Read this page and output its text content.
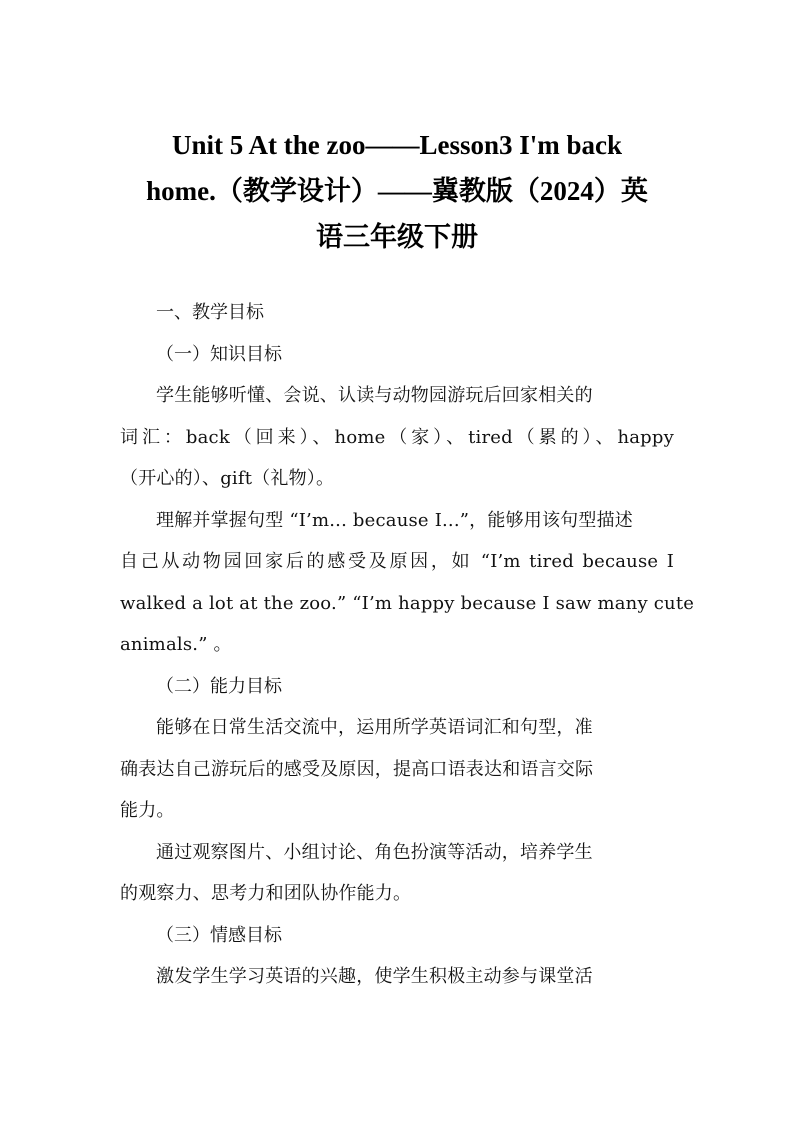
Unit 5 At the zoo——Lesson3 I'm back
home.（教学设计）——冀教版（2024）英
语三年级下册
一、教学目标
（一）知识目标
学生能够听懂、会说、认读与动物园游玩后回家相关的
词汇：back（回来）、home（家）、tired（累的）、happy
（开心的）、gift（礼物）。
理解并掌握句型 “I’m... because I...”，能够用该句型描述
自己从动物园回家后的感受及原因，如 “I’m tired because I
walked a lot at the zoo.” “I’m happy because I saw many cute
animals.” 。
（二）能力目标
能够在日常生活交流中，运用所学英语词汇和句型，准
确表达自己游玩后的感受及原因，提高口语表达和语言交际
能力。
通过观察图片、小组讨论、角色扮演等活动，培养学生
的观察力、思考力和团队协作能力。
（三）情感目标
激发学生学习英语的兴趣，使学生积极主动参与课堂活
